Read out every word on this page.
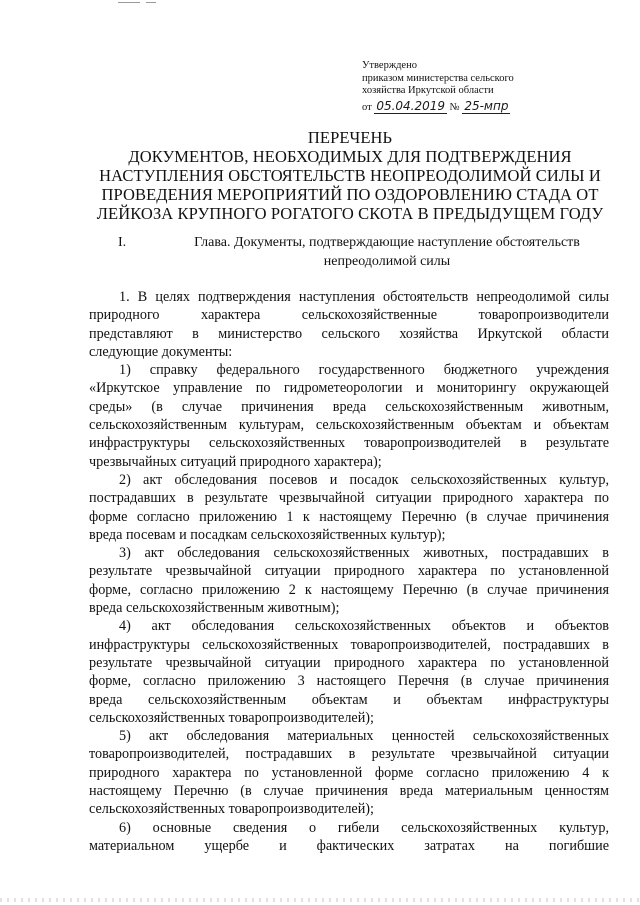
Утверждено
приказом министерства сельского
хозяйства Иркутской области
от 05.04.2019 № 25-мпр
ПЕРЕЧЕНЬ
ДОКУМЕНТОВ, НЕОБХОДИМЫХ ДЛЯ ПОДТВЕРЖДЕНИЯ
НАСТУПЛЕНИЯ ОБСТОЯТЕЛЬСТВ НЕОПРЕОДОЛИМОЙ СИЛЫ И
ПРОВЕДЕНИЯ МЕРОПРИЯТИЙ ПО ОЗДОРОВЛЕНИЮ СТАДА ОТ
ЛЕЙКОЗА КРУПНОГО РОГАТОГО СКОТА В ПРЕДЫДУЩЕМ ГОДУ
I.	Глава. Документы, подтверждающие наступление обстоятельств
непреодолимой силы
1. В целях подтверждения наступления обстоятельств непреодолимой силы
природного характера сельскохозяйственные товаропроизводители
представляют в министерство сельского хозяйства Иркутской области
следующие документы:
1) справку федерального государственного бюджетного учреждения
«Иркутское управление по гидрометеорологии и мониторингу окружающей
среды» (в случае причинения вреда сельскохозяйственным животным,
сельскохозяйственным культурам, сельскохозяйственным объектам и объектам
инфраструктуры сельскохозяйственных товаропроизводителей в результате
чрезвычайных ситуаций природного характера);
2) акт обследования посевов и посадок сельскохозяйственных культур,
пострадавших в результате чрезвычайной ситуации природного характера по
форме согласно приложению 1 к настоящему Перечню (в случае причинения
вреда посевам и посадкам сельскохозяйственных культур);
3) акт обследования сельскохозяйственных животных, пострадавших в
результате чрезвычайной ситуации природного характера по установленной
форме, согласно приложению 2 к настоящему Перечню (в случае причинения
вреда сельскохозяйственным животным);
4) акт обследования сельскохозяйственных объектов и объектов
инфраструктуры сельскохозяйственных товаропроизводителей, пострадавших в
результате чрезвычайной ситуации природного характера по установленной
форме, согласно приложению 3 настоящего Перечня (в случае причинения
вреда сельскохозяйственным объектам и объектам инфраструктуры
сельскохозяйственных товаропроизводителей);
5) акт обследования материальных ценностей сельскохозяйственных
товаропроизводителей, пострадавших в результате чрезвычайной ситуации
природного характера по установленной форме согласно приложению 4 к
настоящему Перечню (в случае причинения вреда материальным ценностям
сельскохозяйственных товаропроизводителей);
6) основные сведения о гибели сельскохозяйственных культур,
материальном ущербе и фактических затратах на погибшие
